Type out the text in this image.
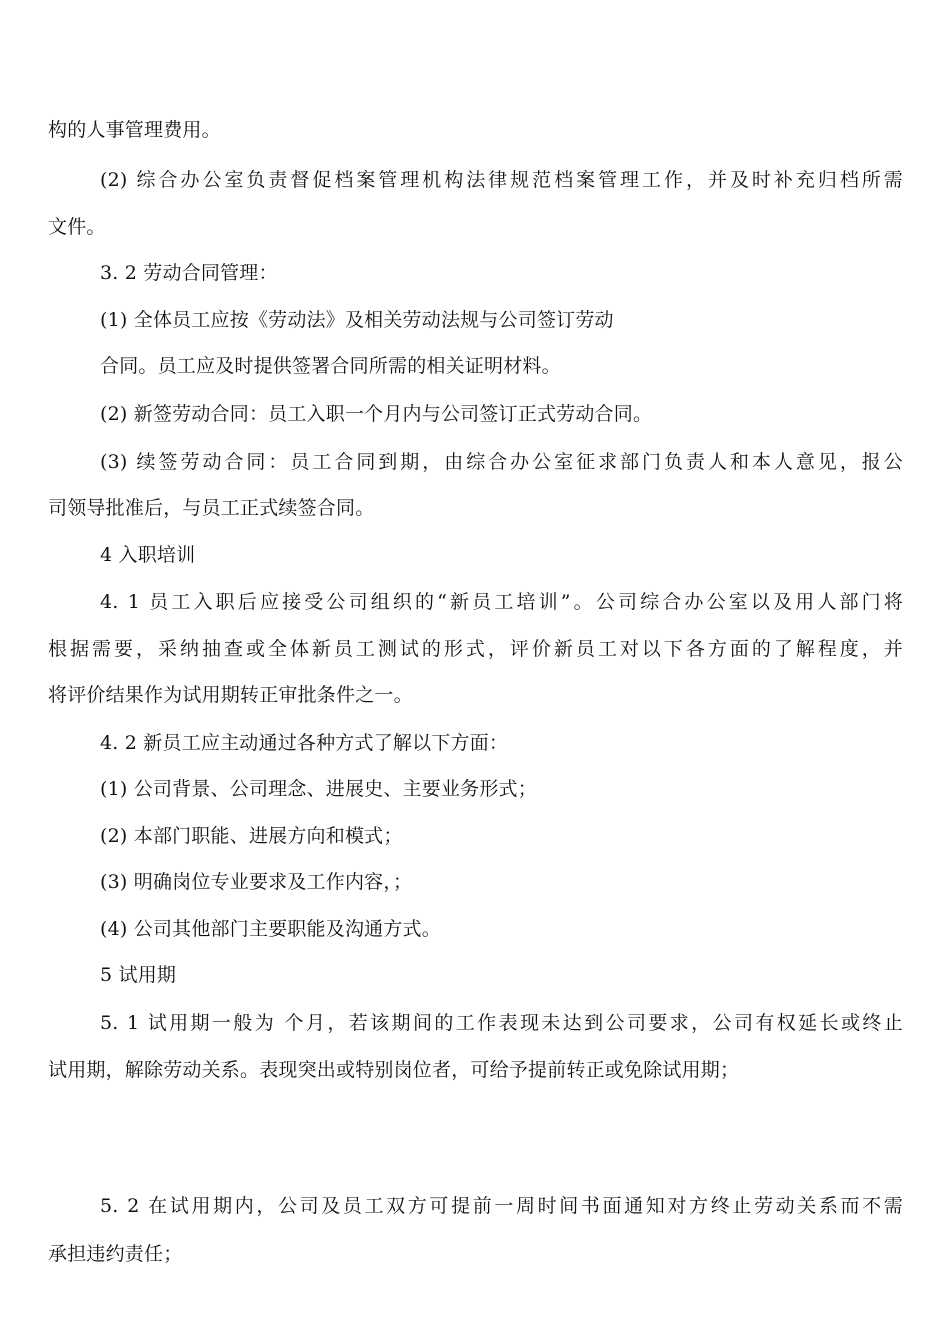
构的人事管理费用。
(2) 综合办公室负责督促档案管理机构法律规范档案管理工作，并及时补充归档所需
文件。
3. 2 劳动合同管理：
(1) 全体员工应按《劳动法》及相关劳动法规与公司签订劳动
合同。员工应及时提供签署合同所需的相关证明材料。
(2) 新签劳动合同：员工入职一个月内与公司签订正式劳动合同。
(3) 续签劳动合同：员工合同到期，由综合办公室征求部门负责人和本人意见，报公
司领导批准后，与员工正式续签合同。
4 入职培训
4. 1 员工入职后应接受公司组织的“新员工培训”。公司综合办公室以及用人部门将
根据需要，采纳抽查或全体新员工测试的形式，评价新员工对以下各方面的了解程度，并
将评价结果作为试用期转正审批条件之一。
4. 2 新员工应主动通过各种方式了解以下方面：
(1) 公司背景、公司理念、进展史、主要业务形式；
(2) 本部门职能、进展方向和模式；
(3) 明确岗位专业要求及工作内容，；
(4) 公司其他部门主要职能及沟通方式。
5 试用期
5. 1 试用期一般为 个月，若该期间的工作表现未达到公司要求，公司有权延长或终止
试用期，解除劳动关系。表现突出或特别岗位者，可给予提前转正或免除试用期；
5. 2 在试用期内，公司及员工双方可提前一周时间书面通知对方终止劳动关系而不需
承担违约责任；
